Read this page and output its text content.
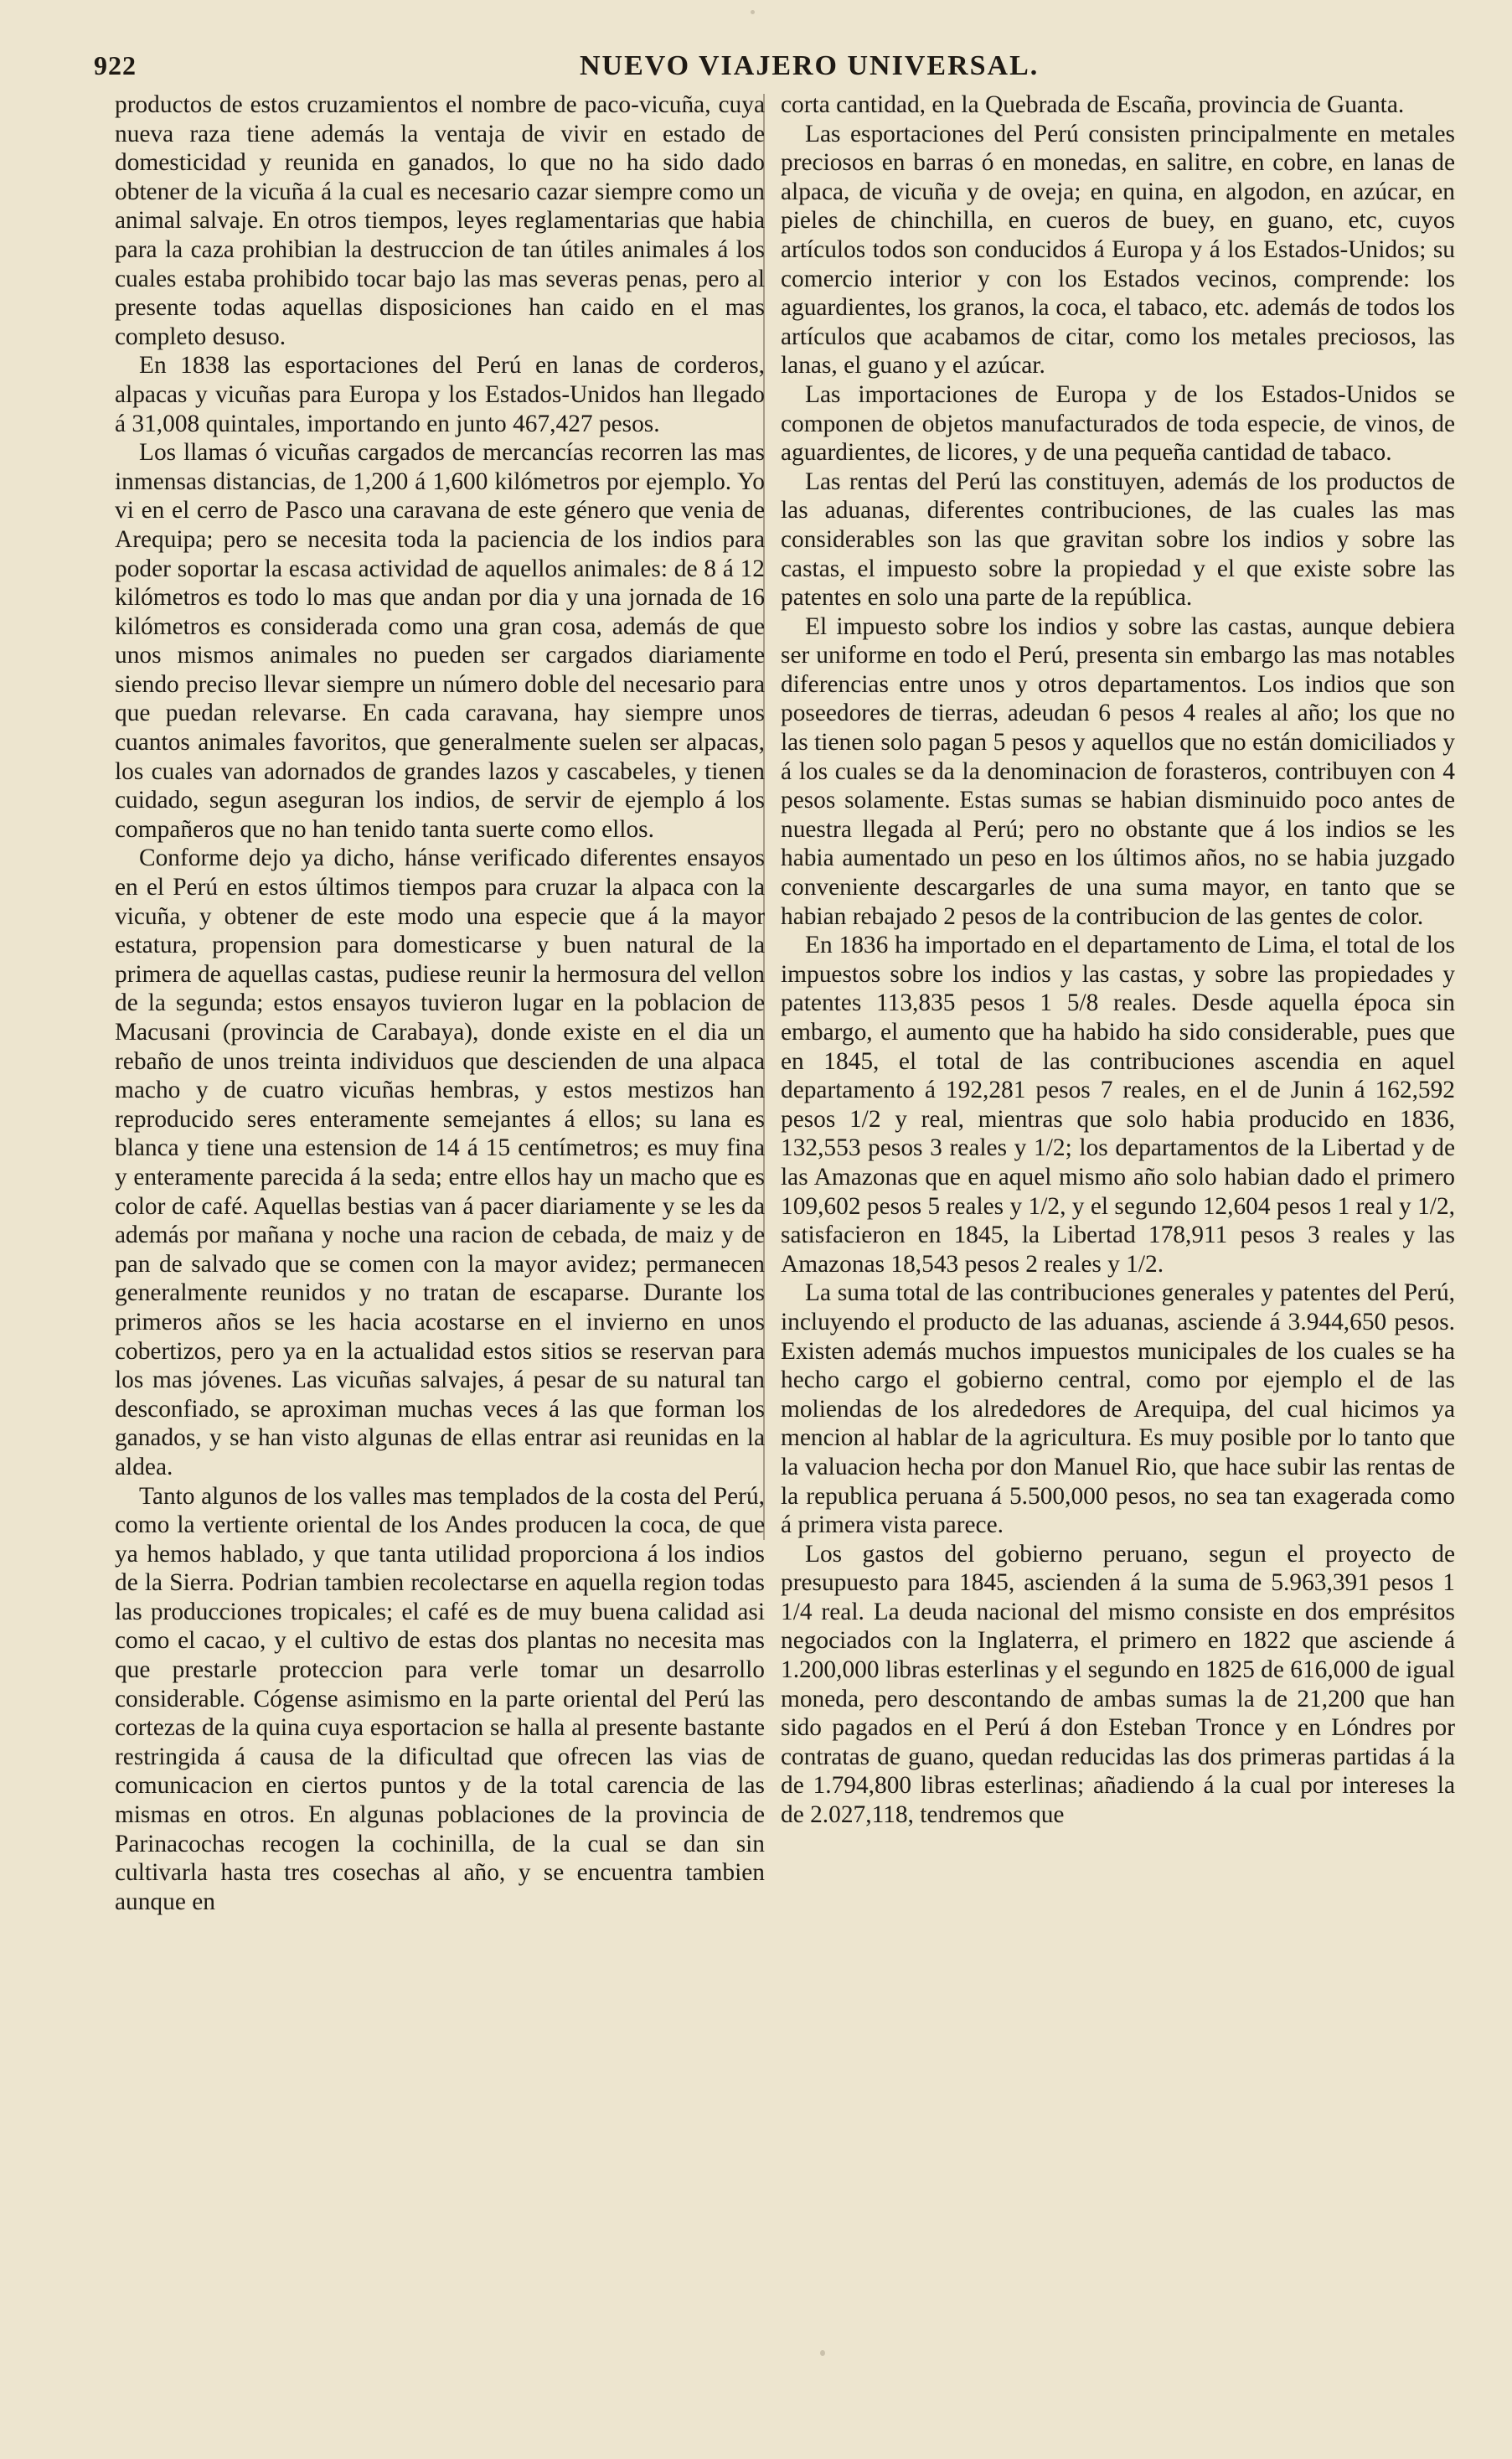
922	NUEVO VIAJERO UNIVERSAL.

productos de estos cruzamientos el nombre de paco-vicuña, cuya nueva raza tiene además la ventaja de vivir en estado de domesticidad y reunida en ganados, lo que no ha sido dado obtener de la vicuña á la cual es necesario cazar siempre como un animal salvaje. En otros tiempos, leyes reglamentarias que habia para la caza prohibian la destruccion de tan útiles animales á los cuales estaba prohibido tocar bajo las mas severas penas, pero al presente todas aquellas disposiciones han caido en el mas completo desuso.

En 1838 las esportaciones del Perú en lanas de corderos, alpacas y vicuñas para Europa y los Estados-Unidos han llegado á 31,008 quintales, importando en junto 467,427 pesos.

Los llamas ó vicuñas cargados de mercancías recorren las mas inmensas distancias, de 1,200 á 1,600 kilómetros por ejemplo. Yo vi en el cerro de Pasco una caravana de este género que venia de Arequipa; pero se necesita toda la paciencia de los indios para poder soportar la escasa actividad de aquellos animales: de 8 á 12 kilómetros es todo lo mas que andan por dia y una jornada de 16 kilómetros es considerada como una gran cosa, además de que unos mismos animales no pueden ser cargados diariamente siendo preciso llevar siempre un número doble del necesario para que puedan relevarse. En cada caravana, hay siempre unos cuantos animales favoritos, que generalmente suelen ser alpacas, los cuales van adornados de grandes lazos y cascabeles, y tienen cuidado, segun aseguran los indios, de servir de ejemplo á los compañeros que no han tenido tanta suerte como ellos.

Conforme dejo ya dicho, hánse verificado diferentes ensayos en el Perú en estos últimos tiempos para cruzar la alpaca con la vicuña, y obtener de este modo una especie que á la mayor estatura, propension para domesticarse y buen natural de la primera de aquellas castas, pudiese reunir la hermosura del vellon de la segunda; estos ensayos tuvieron lugar en la poblacion de Macusani (provincia de Carabaya), donde existe en el dia un rebaño de unos treinta individuos que descienden de una alpaca macho y de cuatro vicuñas hembras, y estos mestizos han reproducido seres enteramente semejantes á ellos; su lana es blanca y tiene una estension de 14 á 15 centímetros; es muy fina y enteramente parecida á la seda; entre ellos hay un macho que es color de café. Aquellas bestias van á pacer diariamente y se les da además por mañana y noche una racion de cebada, de maiz y de pan de salvado que se comen con la mayor avidez; permanecen generalmente reunidos y no tratan de escaparse. Durante los primeros años se les hacia acostarse en el invierno en unos cobertizos, pero ya en la actualidad estos sitios se reservan para los mas jóvenes. Las vicuñas salvajes, á pesar de su natural tan desconfiado, se aproximan muchas veces á las que forman los ganados, y se han visto algunas de ellas entrar asi reunidas en la aldea.

Tanto algunos de los valles mas templados de la costa del Perú, como la vertiente oriental de los Andes producen la coca, de que ya hemos hablado, y que tanta utilidad proporciona á los indios de la Sierra. Podrian tambien recolectarse en aquella region todas las producciones tropicales; el café es de muy buena calidad asi como el cacao, y el cultivo de estas dos plantas no necesita mas que prestarle proteccion para verle tomar un desarrollo considerable. Cógense asimismo en la parte oriental del Perú las cortezas de la quina cuya esportacion se halla al presente bastante restringida á causa de la dificultad que ofrecen las vias de comunicacion en ciertos puntos y de la total carencia de las mismas en otros. En algunas poblaciones de la provincia de Parinacochas recogen la cochinilla, de la cual se dan sin cultivarla hasta tres cosechas al año, y se encuentra tambien aunque en

corta cantidad, en la Quebrada de Escaña, provincia de Guanta.

Las esportaciones del Perú consisten principalmente en metales preciosos en barras ó en monedas, en salitre, en cobre, en lanas de alpaca, de vicuña y de oveja; en quina, en algodon, en azúcar, en pieles de chinchilla, en cueros de buey, en guano, etc, cuyos artículos todos son conducidos á Europa y á los Estados-Unidos; su comercio interior y con los Estados vecinos, comprende: los aguardientes, los granos, la coca, el tabaco, etc. además de todos los artículos que acabamos de citar, como los metales preciosos, las lanas, el guano y el azúcar.

Las importaciones de Europa y de los Estados-Unidos se componen de objetos manufacturados de toda especie, de vinos, de aguardientes, de licores, y de una pequeña cantidad de tabaco.

Las rentas del Perú las constituyen, además de los productos de las aduanas, diferentes contribuciones, de las cuales las mas considerables son las que gravitan sobre los indios y sobre las castas, el impuesto sobre la propiedad y el que existe sobre las patentes en solo una parte de la república.

El impuesto sobre los indios y sobre las castas, aunque debiera ser uniforme en todo el Perú, presenta sin embargo las mas notables diferencias entre unos y otros departamentos. Los indios que son poseedores de tierras, adeudan 6 pesos 4 reales al año; los que no las tienen solo pagan 5 pesos y aquellos que no están domiciliados y á los cuales se da la denominacion de forasteros, contribuyen con 4 pesos solamente. Estas sumas se habian disminuido poco antes de nuestra llegada al Perú; pero no obstante que á los indios se les habia aumentado un peso en los últimos años, no se habia juzgado conveniente descargarles de una suma mayor, en tanto que se habian rebajado 2 pesos de la contribucion de las gentes de color.

En 1836 ha importado en el departamento de Lima, el total de los impuestos sobre los indios y las castas, y sobre las propiedades y patentes 113,835 pesos 1 5/8 reales. Desde aquella época sin embargo, el aumento que ha habido ha sido considerable, pues que en 1845, el total de las contribuciones ascendia en aquel departamento á 192,281 pesos 7 reales, en el de Junin á 162,592 pesos 1/2 y real, mientras que solo habia producido en 1836, 132,553 pesos 3 reales y 1/2; los departamentos de la Libertad y de las Amazonas que en aquel mismo año solo habian dado el primero 109,602 pesos 5 reales y 1/2, y el segundo 12,604 pesos 1 real y 1/2, satisfacieron en 1845, la Libertad 178,911 pesos 3 reales y las Amazonas 18,543 pesos 2 reales y 1/2.

La suma total de las contribuciones generales y patentes del Perú, incluyendo el producto de las aduanas, asciende á 3.944,650 pesos. Existen además muchos impuestos municipales de los cuales se ha hecho cargo el gobierno central, como por ejemplo el de las moliendas de los alrededores de Arequipa, del cual hicimos ya mencion al hablar de la agricultura. Es muy posible por lo tanto que la valuacion hecha por don Manuel Rio, que hace subir las rentas de la republica peruana á 5.500,000 pesos, no sea tan exagerada como á primera vista parece.

Los gastos del gobierno peruano, segun el proyecto de presupuesto para 1845, ascienden á la suma de 5.963,391 pesos 1 1/4 real. La deuda nacional del mismo consiste en dos emprésitos negociados con la Inglaterra, el primero en 1822 que asciende á 1.200,000 libras esterlinas y el segundo en 1825 de 616,000 de igual moneda, pero descontando de ambas sumas la de 21,200 que han sido pagados en el Perú á don Esteban Tronce y en Lóndres por contratas de guano, quedan reducidas las dos primeras partidas á la de 1.794,800 libras esterlinas; añadiendo á la cual por intereses la de 2.027,118, tendremos que
